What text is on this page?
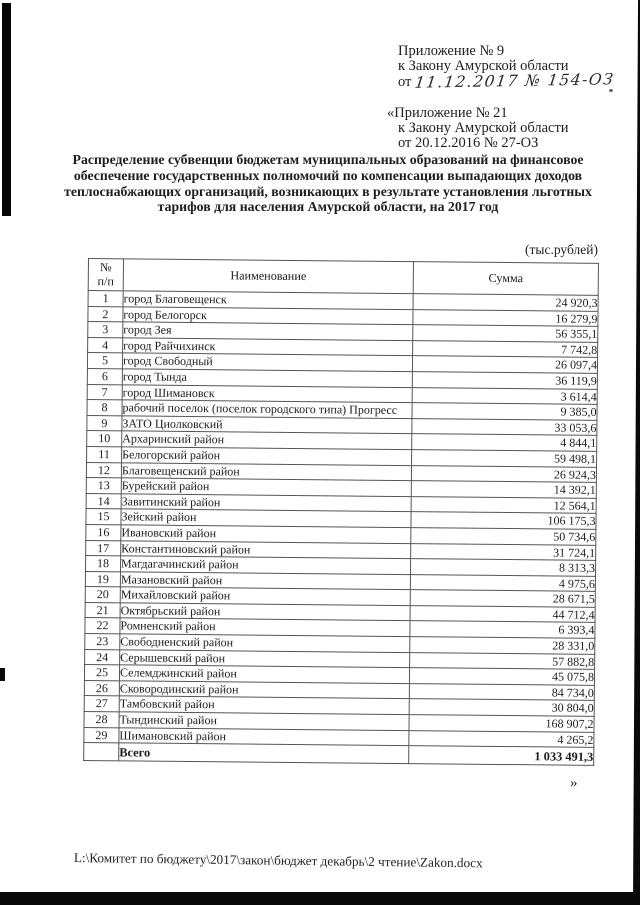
Приложение № 9
к Закону Амурской области
от 11.12.2017 № 154-ОЗ
«Приложение № 21
к Закону Амурской области
от 20.12.2016 № 27-ОЗ
Распределение субвенции бюджетам муниципальных образований на финансовое обеспечение государственных полномочий по компенсации выпадающих доходов теплоснабжающих организаций, возникающих в результате установления льготных тарифов для населения Амурской области, на 2017 год
(тыс.рублей)
№
п/п	Наименование	Сумма
1	город Благовещенск	24 920,3
2	город Белогорск	16 279,9
3	город Зея	56 355,1
4	город Райчихинск	7 742,8
5	город Свободный	26 097,4
6	город Тында	36 119,9
7	город Шимановск	3 614,4
8	рабочий поселок (поселок городского типа) Прогресс	9 385,0
9	ЗАТО Циолковский	33 053,6
10	Архаринский район	4 844,1
11	Белогорский район	59 498,1
12	Благовещенский район	26 924,3
13	Бурейский район	14 392,1
14	Завитинский район	12 564,1
15	Зейский район	106 175,3
16	Ивановский район	50 734,6
17	Константиновский район	31 724,1
18	Магдагачинский район	8 313,3
19	Мазановский район	4 975,6
20	Михайловский район	28 671,5
21	Октябрьский район	44 712,4
22	Ромненский район	6 393,4
23	Свободненский район	28 331,0
24	Серышевский район	57 882,8
25	Селемджинский район	45 075,8
26	Сковородинский район	84 734,0
27	Тамбовский район	30 804,0
28	Тындинский район	168 907,2
29	Шимановский район	4 265,2
	Всего	1 033 491,3
»
L:\Комитет по бюджету\2017\закон\бюджет декабрь\2 чтение\Zakon.docx
